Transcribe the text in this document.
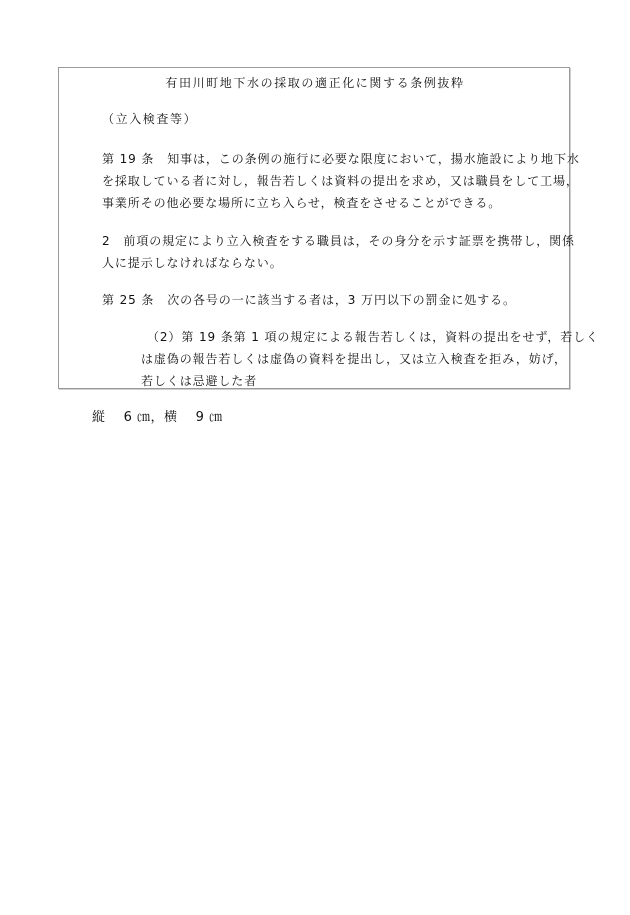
有田川町地下水の採取の適正化に関する条例抜粋
（立入検査等）
第 19 条　知事は，この条例の施行に必要な限度において，揚水施設により地下水
を採取している者に対し，報告若しくは資料の提出を求め，又は職員をして工場，
事業所その他必要な場所に立ち入らせ，検査をさせることができる。
2　前項の規定により立入検査をする職員は，その身分を示す証票を携帯し，関係
人に提示しなければならない。
第 25 条　次の各号の一に該当する者は，3 万円以下の罰金に処する。
（2）第 19 条第 1 項の規定による報告若しくは，資料の提出をせず，若しく
は虚偽の報告若しくは虚偽の資料を提出し，又は立入検査を拒み，妨げ，
若しくは忌避した者
縦　 6 ㎝，横　 9 ㎝
